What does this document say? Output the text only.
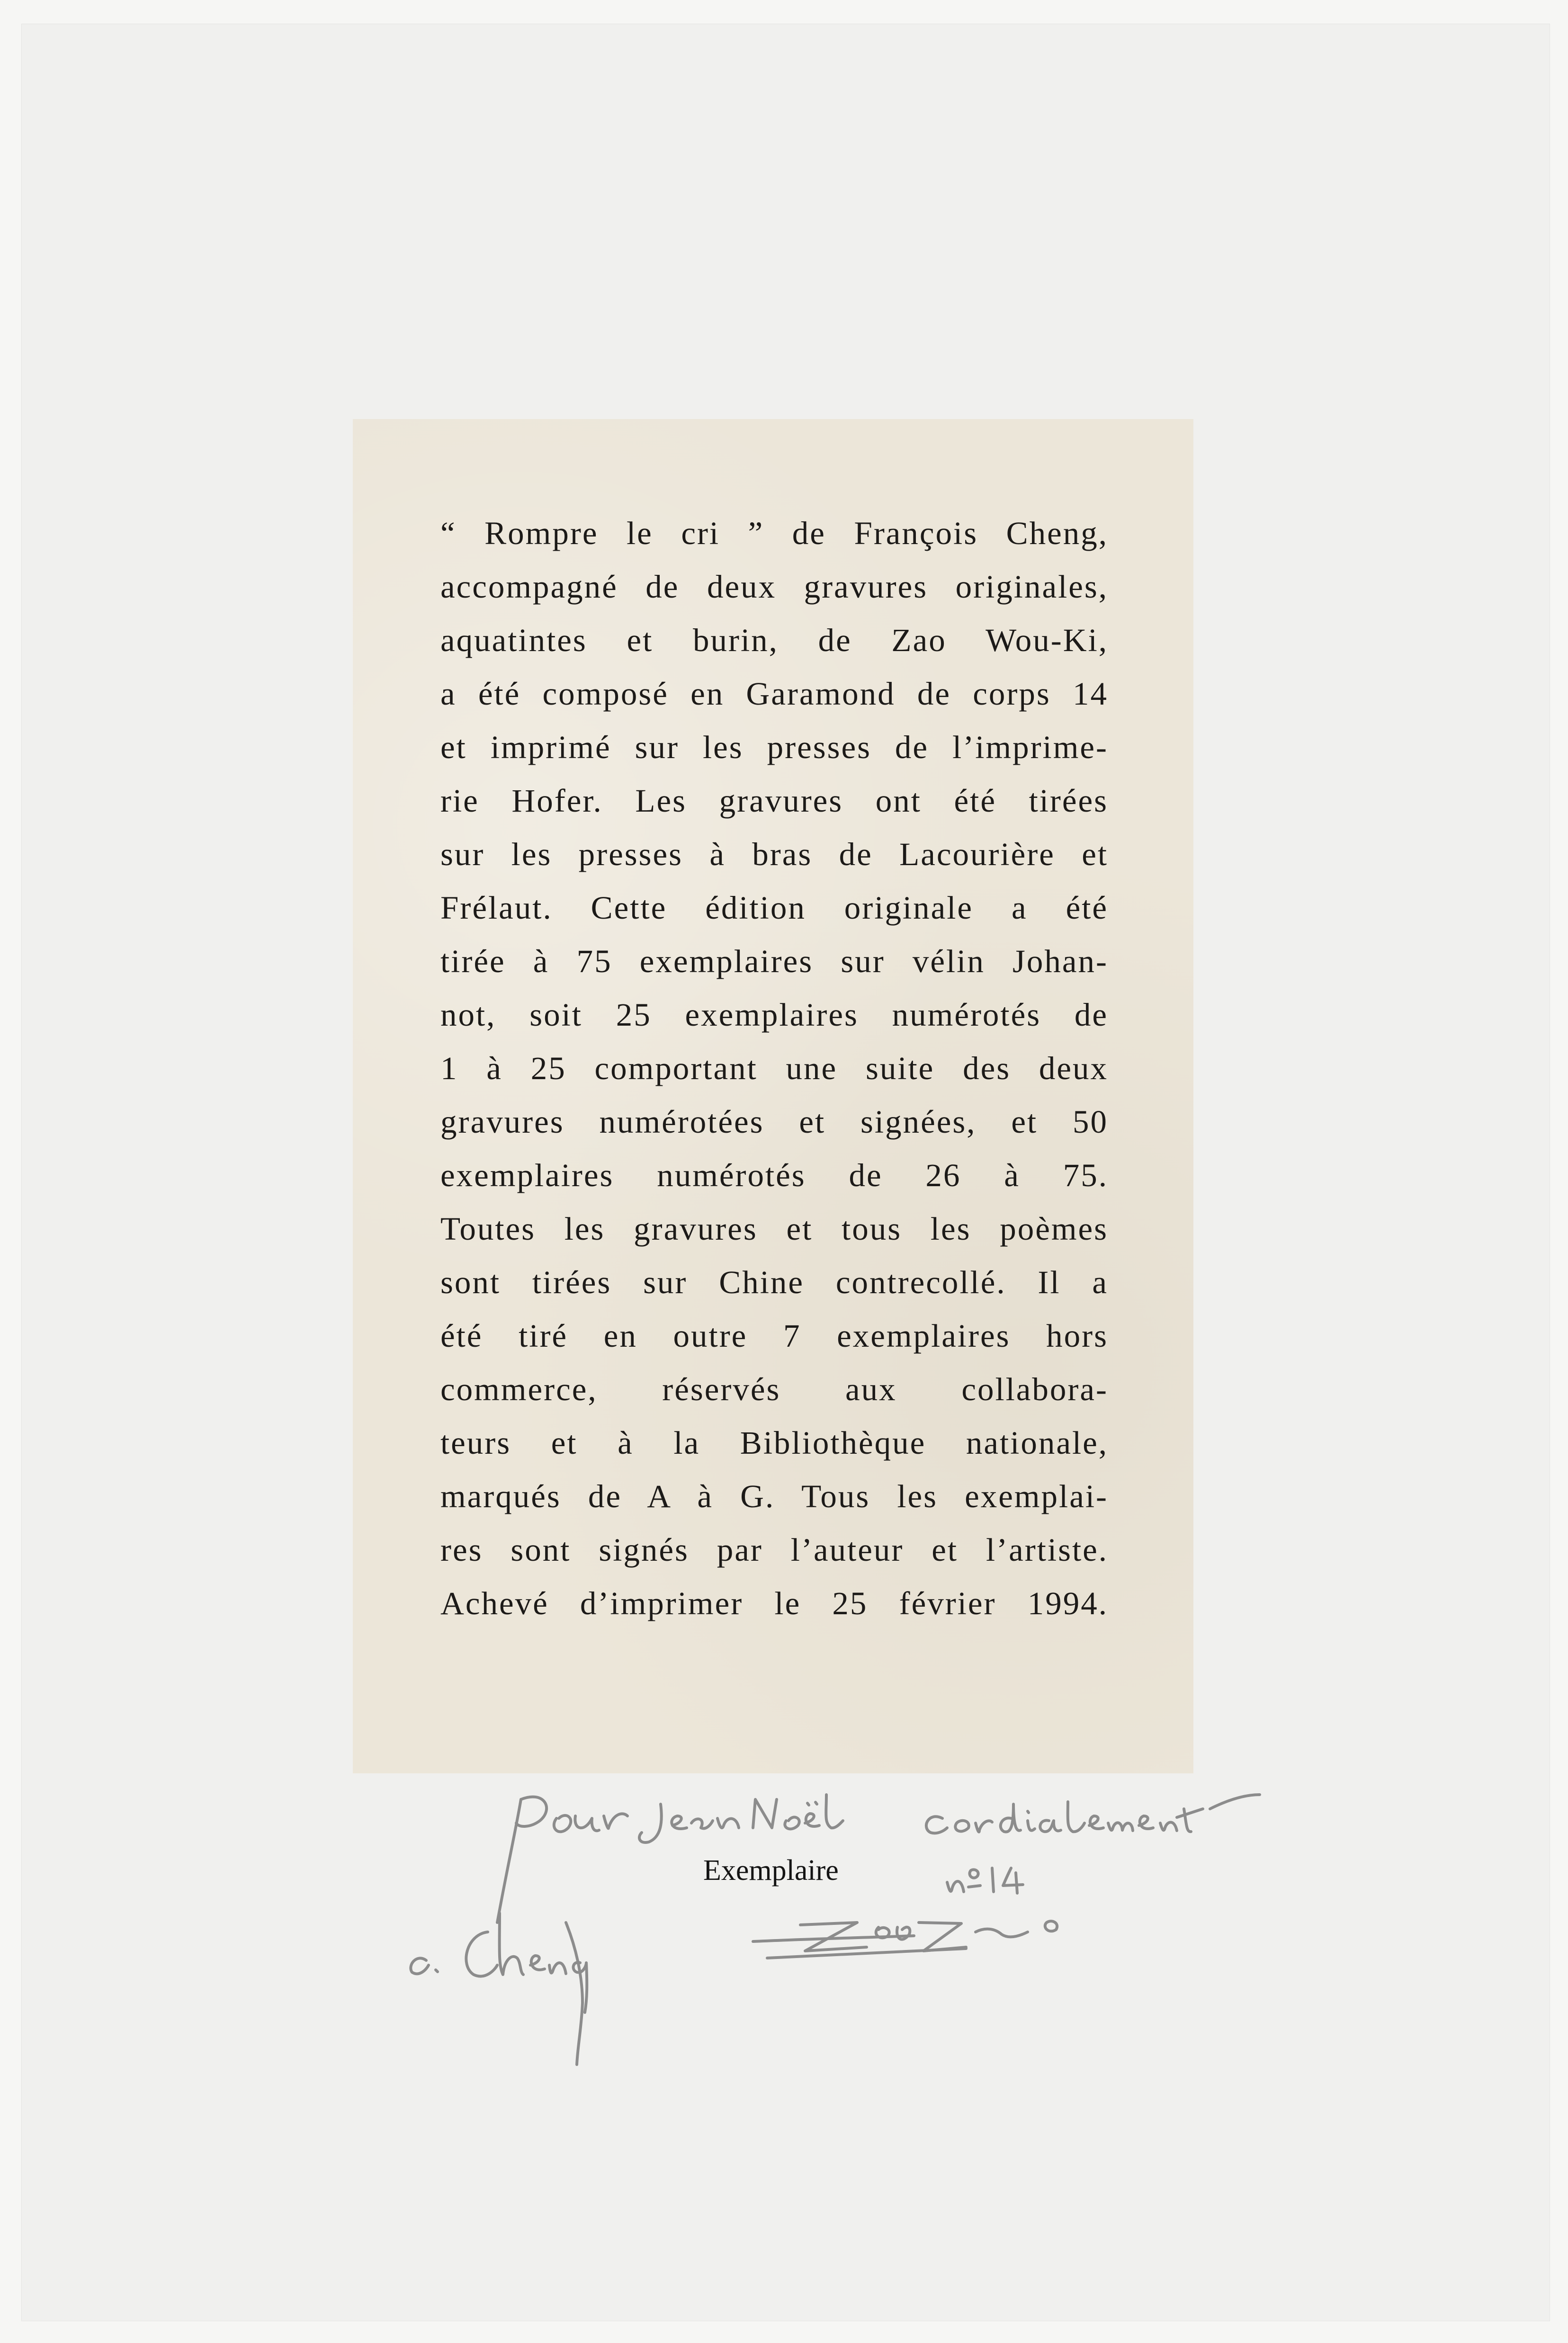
“ Rompre le cri ” de François Cheng,
accompagné de deux gravures originales,
aquatintes et burin, de Zao Wou-Ki,
a été composé en Garamond de corps 14
et imprimé sur les presses de l’imprime-
rie Hofer. Les gravures ont été tirées
sur les presses à bras de Lacourière et
Frélaut. Cette édition originale a été
tirée à 75 exemplaires sur vélin Johan-
not, soit 25 exemplaires numérotés de
1 à 25 comportant une suite des deux
gravures numérotées et signées, et 50
exemplaires numérotés de 26 à 75.
Toutes les gravures et tous les poèmes
sont tirées sur Chine contrecollé. Il a
été tiré en outre 7 exemplaires hors
commerce, réservés aux collabora-
teurs et à la Bibliothèque nationale,
marqués de A à G. Tous les exemplai-
res sont signés par l’auteur et l’artiste.
Achevé d’imprimer le 25 février 1994.
Exemplaire
